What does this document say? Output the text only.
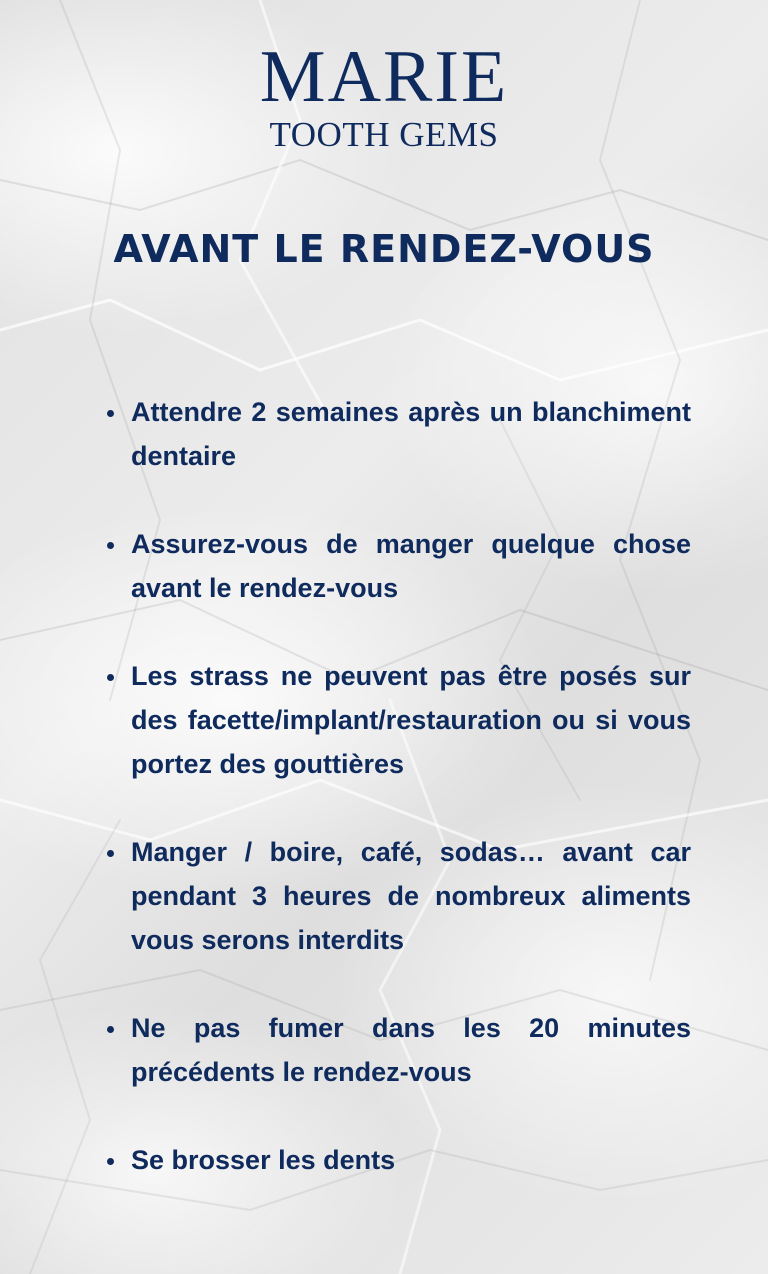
MARIE
TOOTH GEMS
AVANT LE RENDEZ-VOUS
Attendre 2 semaines après un blanchiment dentaire
Assurez-vous de manger quelque chose avant le rendez-vous
Les strass ne peuvent pas être posés sur des facette/implant/restauration ou si vous portez des gouttières
Manger / boire, café, sodas… avant car pendant 3 heures de nombreux aliments vous serons interdits
Ne pas fumer dans les 20 minutes précédents le rendez-vous
Se brosser les dents
